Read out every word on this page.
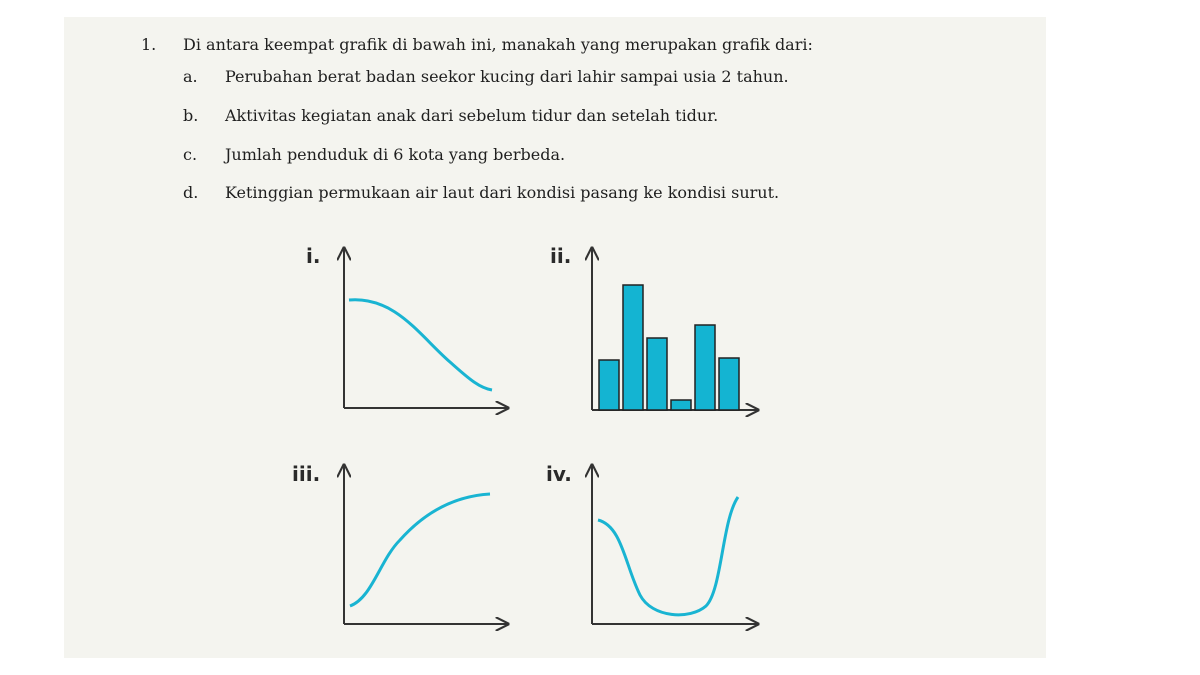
1. Di antara keempat grafik di bawah ini, manakah yang merupakan grafik dari:
a. Perubahan berat badan seekor kucing dari lahir sampai usia 2 tahun.
b. Aktivitas kegiatan anak dari sebelum tidur dan setelah tidur.
c. Jumlah penduduk di 6 kota yang berbeda.
d. Ketinggian permukaan air laut dari kondisi pasang ke kondisi surut.
i.	ii.
iii.	iv.
